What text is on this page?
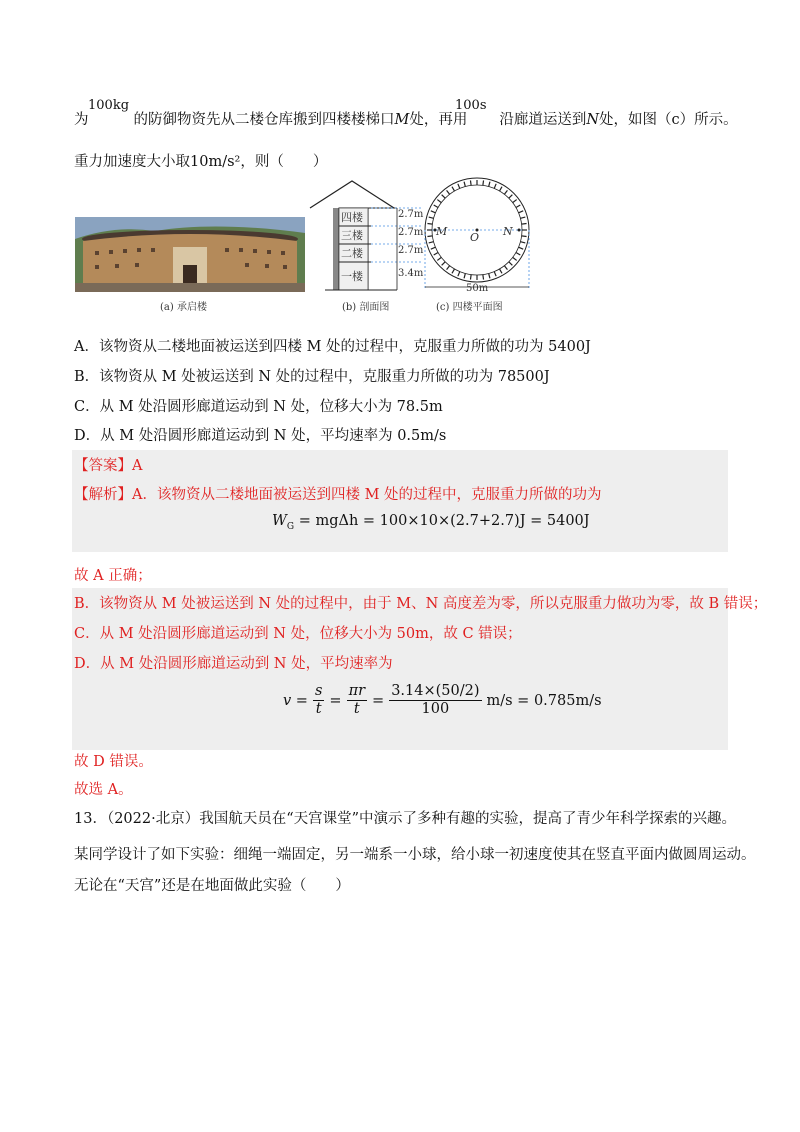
100kg	100s
为	的防御物资先从二楼仓库搬到四楼楼梯口M处，再用 沿廊道运送到N处，如图（c）所示。
重力加速度大小取10m/s²，则（　　）
(a) 承启楼
四楼
三楼
二楼
一楼
2.7m
2.7m
2.7m
3.4m
(b) 剖面图
M O N
50m
(c) 四楼平面图
A．该物资从二楼地面被运送到四楼 M 处的过程中，克服重力所做的功为 5400J
B．该物资从 M 处被运送到 N 处的过程中，克服重力所做的功为 78500J
C．从 M 处沿圆形廊道运动到 N 处，位移大小为 78.5m
D．从 M 处沿圆形廊道运动到 N 处，平均速率为 0.5m/s
【答案】A
【解析】A．该物资从二楼地面被运送到四楼 M 处的过程中，克服重力所做的功为
$W_G = mg\Delta h = 100\times 10\times(2.7+2.7)J = 5400J$
故 A 正确；
B．该物资从 M 处被运送到 N 处的过程中，由于 M、N 高度差为零，所以克服重力做功为零，故 B 错误；
C．从 M 处沿圆形廊道运动到 N 处，位移大小为 50m，故 C 错误；
D．从 M 处沿圆形廊道运动到 N 处，平均速率为
$v = \frac{s}{t} = \frac{\pi r}{t} = \frac{3.14\times(50/2)}{100} m/s = 0.785m/s$
故 D 错误。
故选 A。
13．（2022·北京）我国航天员在“天宫课堂”中演示了多种有趣的实验，提高了青少年科学探索的兴趣。
某同学设计了如下实验：细绳一端固定，另一端系一小球，给小球一初速度使其在竖直平面内做圆周运动。
无论在“天宫”还是在地面做此实验（　　）
